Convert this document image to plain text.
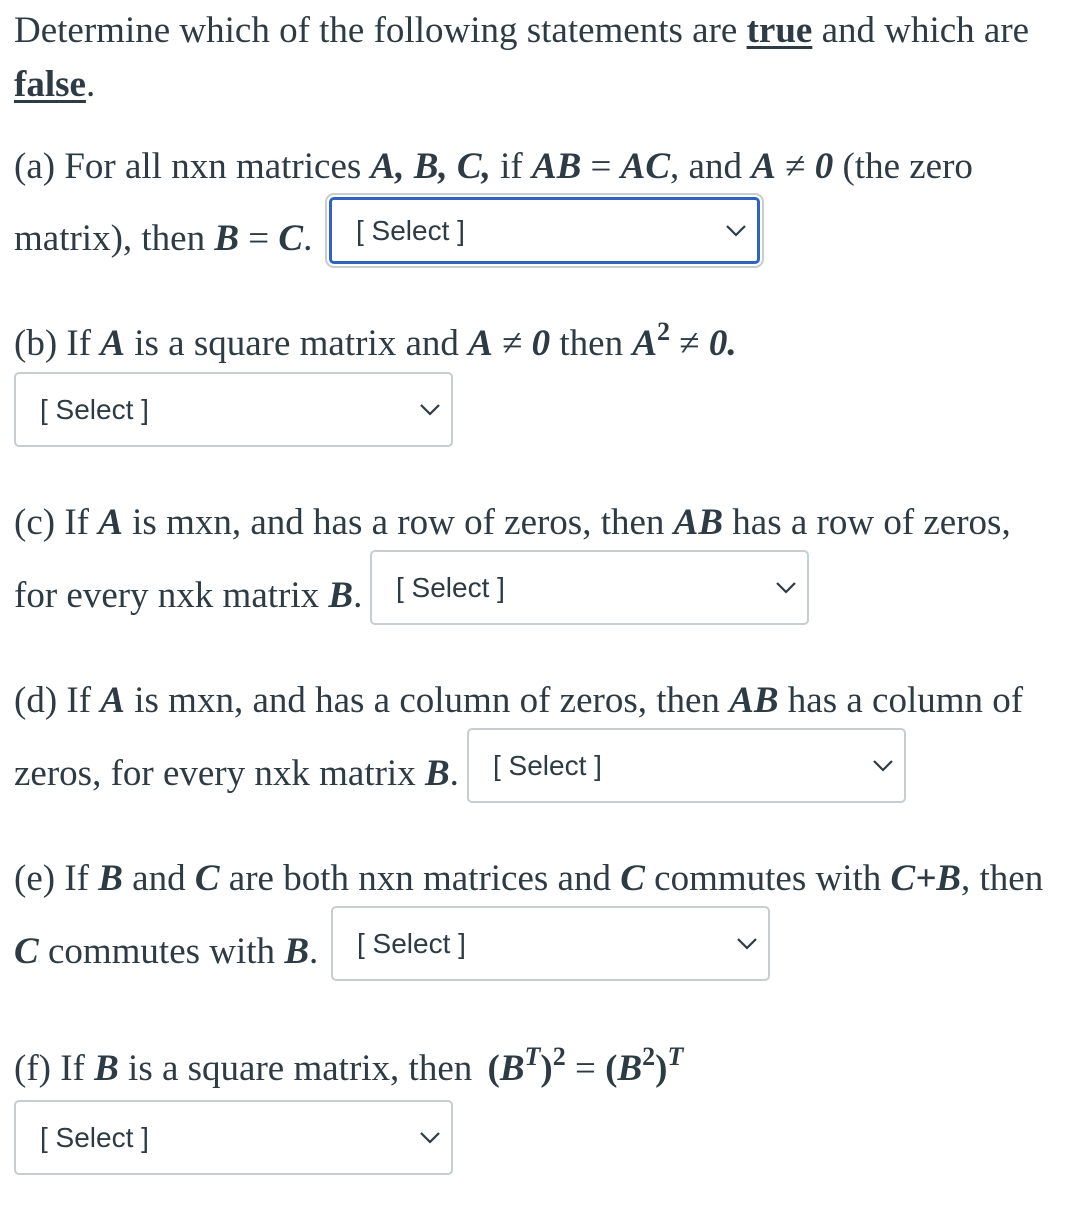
Determine which of the following statements are true and which are
false.
(a) For all nxn matrices A, B, C, if AB = AC, and A ≠ 0 (the zero
matrix), then B = C. [ Select ]
(b) If A is a square matrix and A ≠ 0 then $A^2 \ne 0$.
[ Select ]
(c) If A is mxn, and has a row of zeros, then AB has a row of zeros,
for every nxk matrix B. [ Select ]
(d) If A is mxn, and has a column of zeros, then AB has a column of
zeros, for every nxk matrix B. [ Select ]
(e) If B and C are both nxn matrices and C commutes with C+B, then
C commutes with B. [ Select ]
(f) If B is a square matrix, then $(B^T)^2 = (B^2)^T$
[ Select ]
